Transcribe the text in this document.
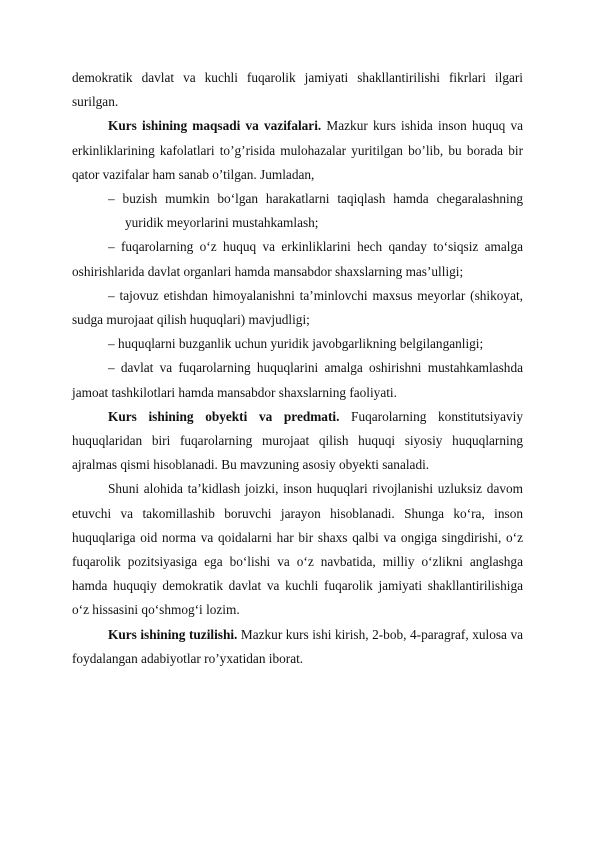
demokratik davlat va kuchli fuqarolik jamiyati shakllantirilishi fikrlari ilgari surilgan.

Kurs ishining maqsadi va vazifalari. Mazkur kurs ishida inson huquq va erkinliklarining kafolatlari to’g’risida mulohazalar yuritilgan bo’lib, bu borada bir qator vazifalar ham sanab o’tilgan. Jumladan,

– buzish mumkin boʻlgan harakatlarni taqiqlash hamda chegaralashning yuridik meyorlarini mustahkamlash;

– fuqarolarning oʻz huquq va erkinliklarini hech qanday toʻsiqsiz amalga oshirishlarida davlat organlari hamda mansabdor shaxslarning mas’ulligi;

– tajovuz etishdan himoyalanishni ta’minlovchi maxsus meyorlar (shikoyat, sudga murojaat qilish huquqlari) mavjudligi;

– huquqlarni buzganlik uchun yuridik javobgarlikning belgilanganligi;

– davlat va fuqarolarning huquqlarini amalga oshirishni mustahkamlashda jamoat tashkilotlari hamda mansabdor shaxslarning faoliyati.

Kurs ishining obyekti va predmati. Fuqarolarning konstitutsiyaviy huquqlaridan biri fuqarolarning murojaat qilish huquqi siyosiy huquqlarning ajralmas qismi hisoblanadi. Bu mavzuning asosiy obyekti sanaladi.

Shuni alohida ta’kidlash joizki, inson huquqlari rivojlanishi uzluksiz davom etuvchi va takomillashib boruvchi jarayon hisoblanadi. Shunga koʻra, inson huquqlariga oid norma va qoidalarni har bir shaxs qalbi va ongiga singdirishi, oʻz fuqarolik pozitsiyasiga ega boʻlishi va oʻz navbatida, milliy oʻzlikni anglashga hamda huquqiy demokratik davlat va kuchli fuqarolik jamiyati shakllantirilishiga oʻz hissasini qoʻshmogʻi lozim.

Kurs ishining tuzilishi. Mazkur kurs ishi kirish, 2-bob, 4-paragraf, xulosa va foydalangan adabiyotlar ro’yxatidan iborat.
